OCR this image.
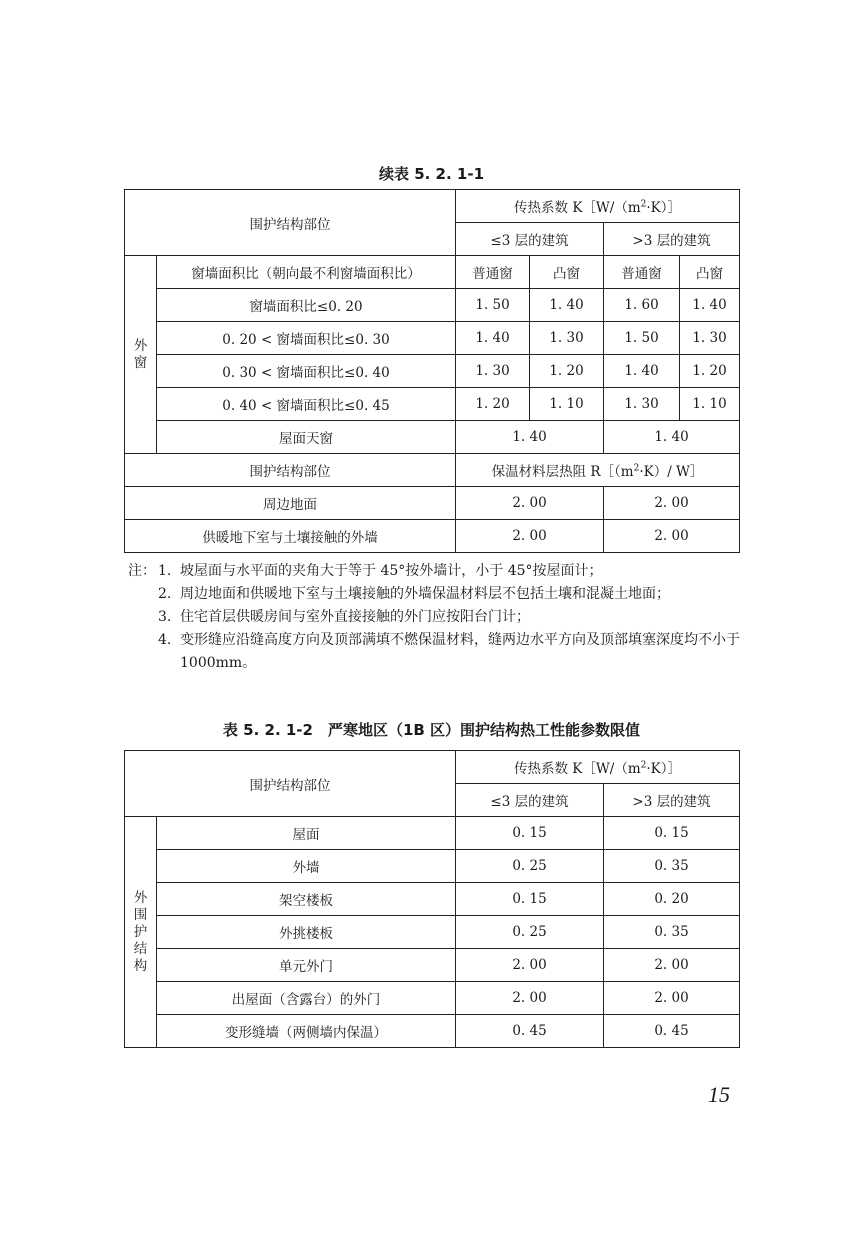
续表 5. 2. 1-1
围护结构部位		传热系数 $K[W/(m^2\cdot K)]$			
		≤3 层的建筑		>3 层的建筑	
外窗	窗墙面积比（朝向最不利窗墙面积比）	普通窗	凸窗	普通窗	凸窗
	窗墙面积比≤0. 20	1. 50	1. 40	1. 60	1. 40
	0. 20 < 窗墙面积比≤0. 30	1. 40	1. 30	1. 50	1. 30
	0. 30 < 窗墙面积比≤0. 40	1. 30	1. 20	1. 40	1. 20
	0. 40 < 窗墙面积比≤0. 45	1. 20	1. 10	1. 30	1. 10
	屋面天窗	1. 40		1. 40	
围护结构部位		保温材料层热阻 $R[(m^2\cdot K)/$ W］			
周边地面		2. 00		2. 00	
供暖地下室与土壤接触的外墙		2. 00		2. 00	
注： 1. 坡屋面与水平面的夹角大于等于 45°按外墙计，小于 45°按屋面计；
2. 周边地面和供暖地下室与土壤接触的外墙保温材料层不包括土壤和混凝土地面；
3. 住宅首层供暖房间与室外直接接触的外门应按阳台门计；
4. 变形缝应沿缝高度方向及顶部满填不燃保温材料，缝两边水平方向及顶部填塞深度均不小于 1000mm。
表 5. 2. 1-2　严寒地区（1B 区）围护结构热工性能参数限值
围护结构部位		传热系数 $K[W/(m^2\cdot K)]$	
		≤3 层的建筑	>3 层的建筑
外围护结构	屋面	0. 15	0. 15
	外墙	0. 25	0. 35
	架空楼板	0. 15	0. 20
	外挑楼板	0. 25	0. 35
	单元外门	2. 00	2. 00
	出屋面（含露台）的外门	2. 00	2. 00
	变形缝墙（两侧墙内保温）	0. 45	0. 45
15
